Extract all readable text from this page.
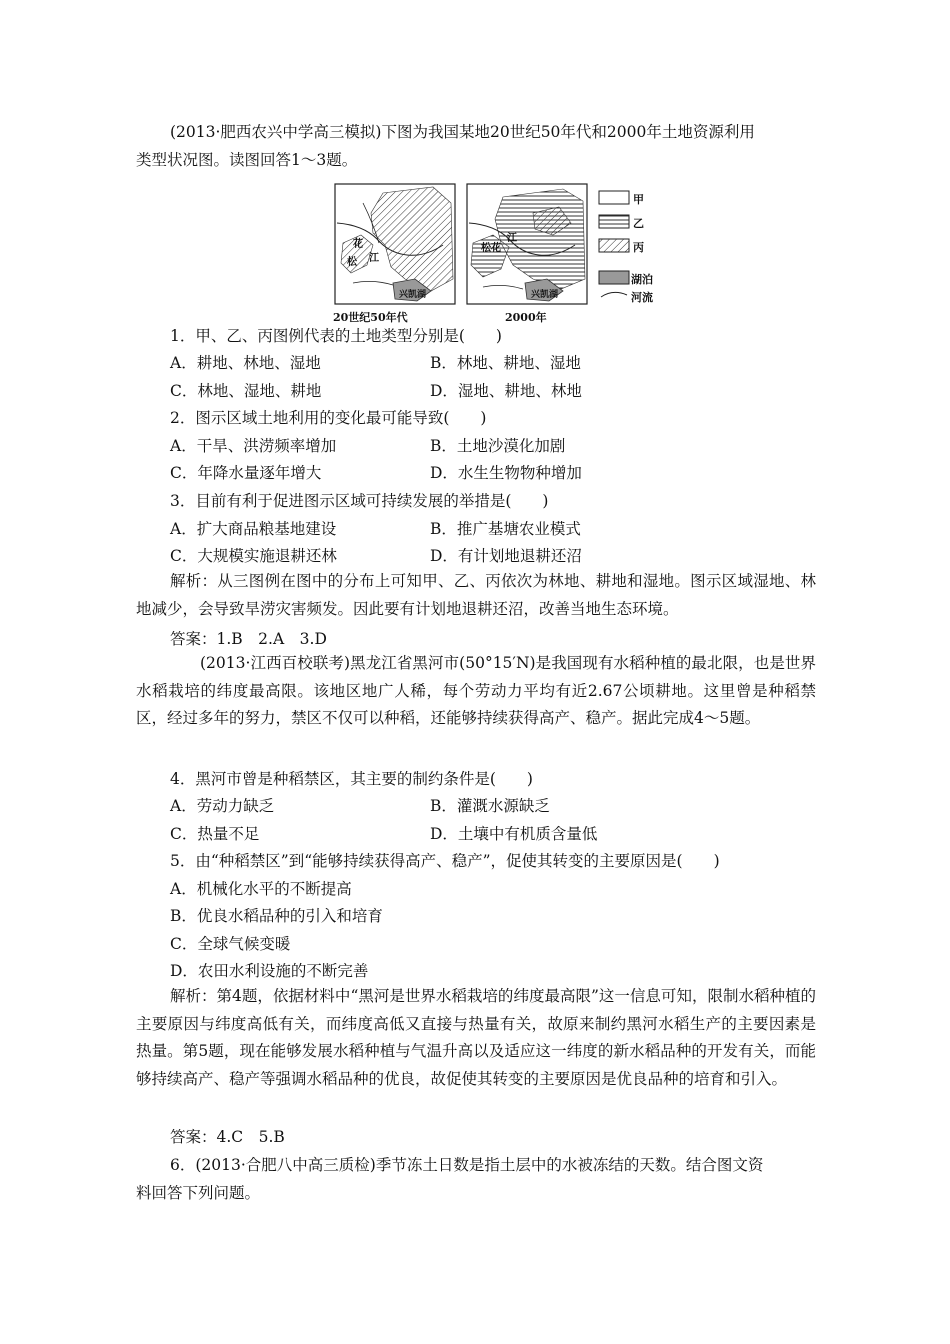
(2013·肥西农兴中学高三模拟)下图为我国某地20世纪50年代和2000年土地资源利用
类型状况图。读图回答1～3题。
江
花
松
兴凯湖
江
松花
兴凯湖
20世纪50年代	2000年
甲
乙
丙
湖泊
河流
1．甲、乙、丙图例代表的土地类型分别是(　　)
A．耕地、林地、湿地	B．林地、耕地、湿地
C．林地、湿地、耕地	D．湿地、耕地、林地
2．图示区域土地利用的变化最可能导致(　　)
A．干旱、洪涝频率增加	B．土地沙漠化加剧
C．年降水量逐年增大	D．水生生物物种增加
3．目前有利于促进图示区域可持续发展的举措是(　　)
A．扩大商品粮基地建设	B．推广基塘农业模式
C．大规模实施退耕还林	D．有计划地退耕还沼
解析：从三图例在图中的分布上可知甲、乙、丙依次为林地、耕地和湿地。图示区域湿地、林地减少，会导致旱涝灾害频发。因此要有计划地退耕还沼，改善当地生态环境。
答案：1.B　2.A　3.D
(2013·江西百校联考)黑龙江省黑河市(50°15′N)是我国现有水稻种植的最北限，也是世界水稻栽培的纬度最高限。该地区地广人稀，每个劳动力平均有近2.67公顷耕地。这里曾是种稻禁区，经过多年的努力，禁区不仅可以种稻，还能够持续获得高产、稳产。据此完成4～5题。
4．黑河市曾是种稻禁区，其主要的制约条件是(　　)
A．劳动力缺乏	B．灌溉水源缺乏
C．热量不足	D．土壤中有机质含量低
5．由“种稻禁区”到“能够持续获得高产、稳产”，促使其转变的主要原因是(　　)
A．机械化水平的不断提高
B．优良水稻品种的引入和培育
C．全球气候变暖
D．农田水利设施的不断完善
解析：第4题，依据材料中“黑河是世界水稻栽培的纬度最高限”这一信息可知，限制水稻种植的主要原因与纬度高低有关，而纬度高低又直接与热量有关，故原来制约黑河水稻生产的主要因素是热量。第5题，现在能够发展水稻种植与气温升高以及适应这一纬度的新水稻品种的开发有关，而能够持续高产、稳产等强调水稻品种的优良，故促使其转变的主要原因是优良品种的培育和引入。
答案：4.C　5.B
6．(2013·合肥八中高三质检)季节冻土日数是指土层中的水被冻结的天数。结合图文资
料回答下列问题。
